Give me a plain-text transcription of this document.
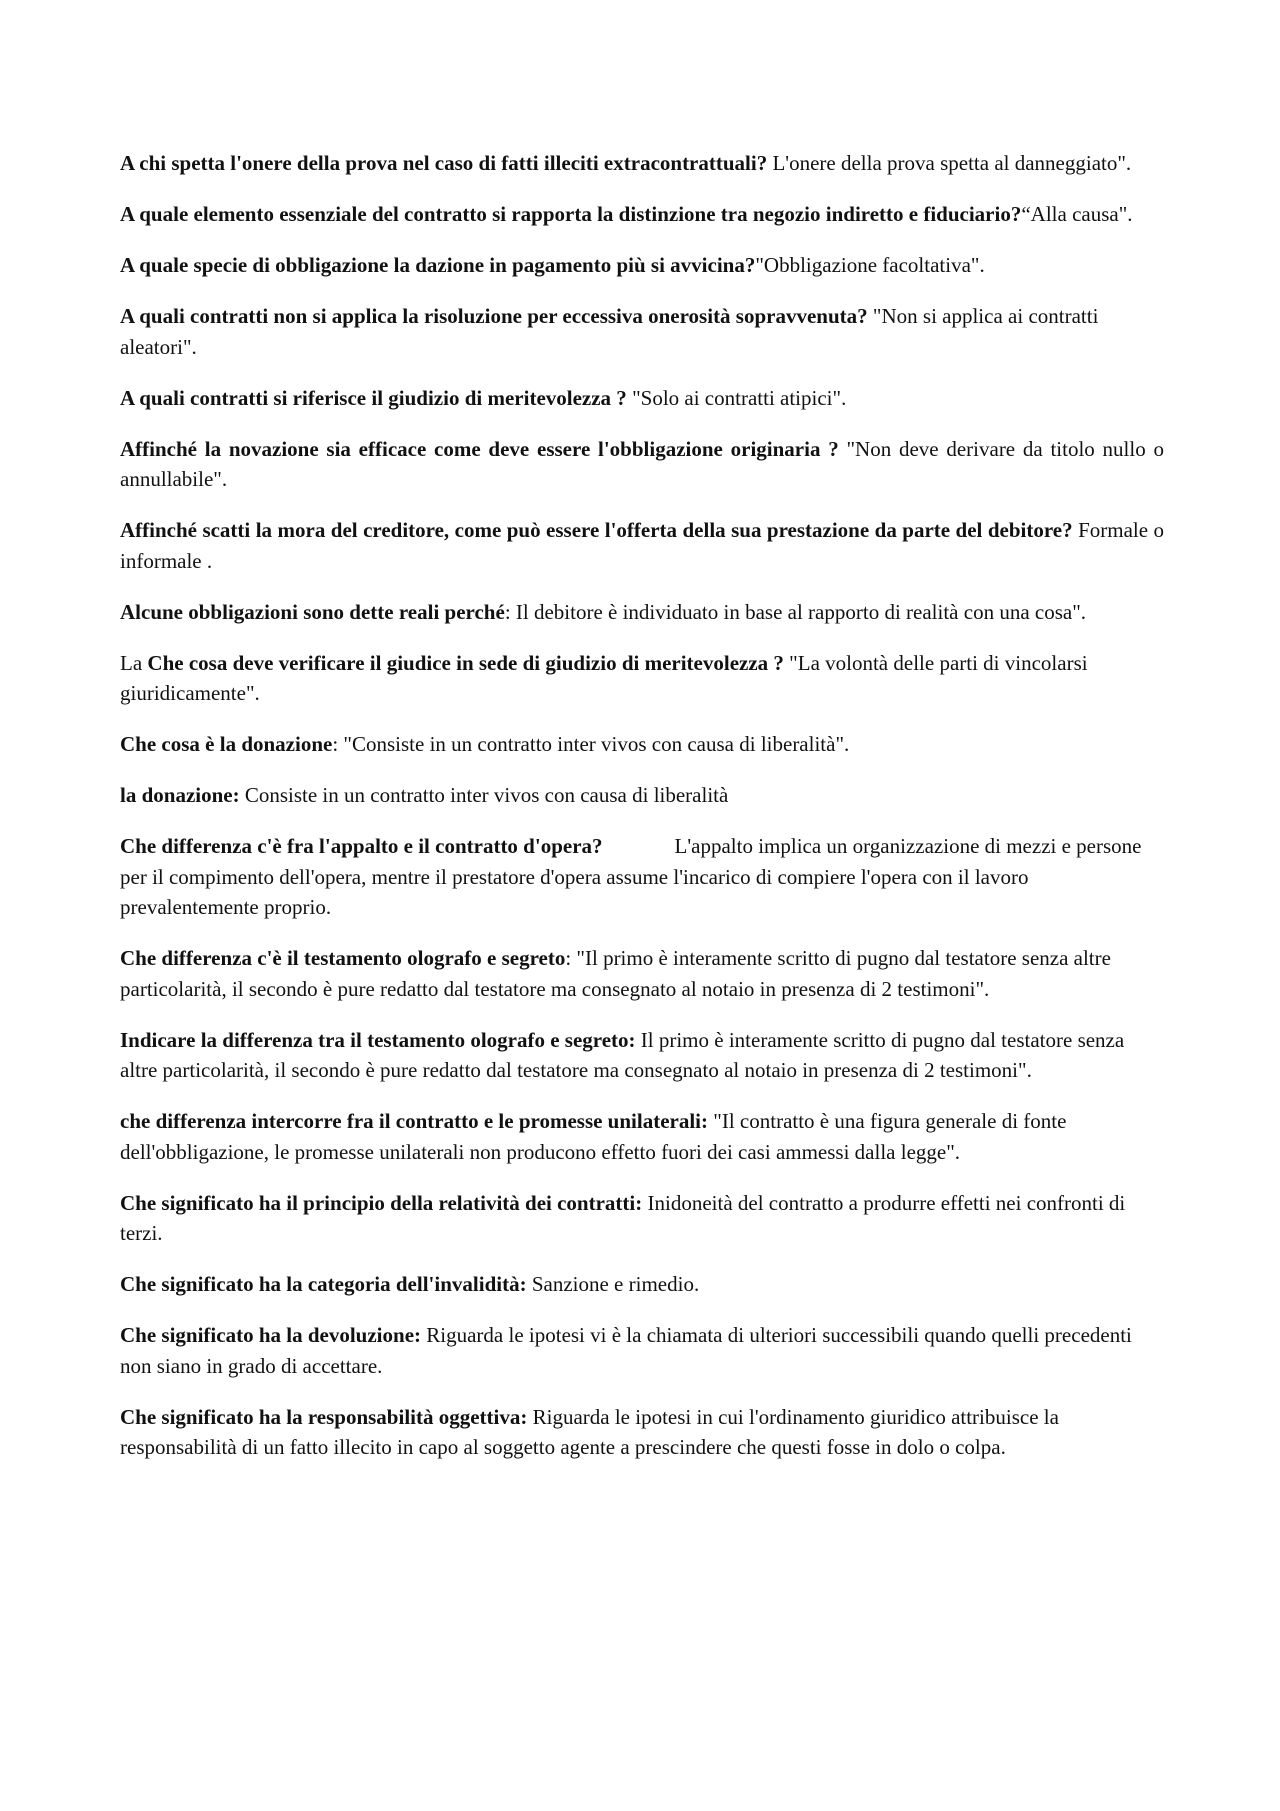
A chi spetta l'onere della prova nel caso di fatti illeciti extracontrattuali? L'onere della prova spetta al danneggiato".

A quale elemento essenziale del contratto si rapporta la distinzione tra negozio indiretto e fiduciario?“Alla causa".

A quale specie di obbligazione la dazione in pagamento più si avvicina?"Obbligazione facoltativa".

A quali contratti non si applica la risoluzione per eccessiva onerosità sopravvenuta? "Non si applica ai contratti aleatori".

A quali contratti si riferisce il giudizio di meritevolezza ? "Solo ai contratti atipici".

Affinché la novazione sia efficace come deve essere l'obbligazione originaria ? "Non deve derivare da titolo nullo o annullabile".

Affinché scatti la mora del creditore, come può essere l'offerta della sua prestazione da parte del debitore? Formale o informale .

Alcune obbligazioni sono dette reali perché: Il debitore è individuato in base al rapporto di realità con una cosa".

La Che cosa deve verificare il giudice in sede di giudizio di meritevolezza ? "La volontà delle parti di vincolarsi giuridicamente".

Che cosa è la donazione: "Consiste in un contratto inter vivos con causa di liberalità".

la donazione: Consiste in un contratto inter vivos con causa di liberalità

Che differenza c'è fra l'appalto e il contratto d'opera?	L'appalto implica un organizzazione di mezzi e persone per il compimento dell'opera, mentre il prestatore d'opera assume l'incarico di compiere l'opera con il lavoro prevalentemente proprio.

Che differenza c'è il testamento olografo e segreto: "Il primo è interamente scritto di pugno dal testatore senza altre particolarità, il secondo è pure redatto dal testatore ma consegnato al notaio in presenza di 2 testimoni".

Indicare la differenza tra il testamento olografo e segreto: Il primo è interamente scritto di pugno dal testatore senza altre particolarità, il secondo è pure redatto dal testatore ma consegnato al notaio in presenza di 2 testimoni".

che differenza intercorre fra il contratto e le promesse unilaterali: "Il contratto è una figura generale di fonte dell'obbligazione, le promesse unilaterali non producono effetto fuori dei casi ammessi dalla legge".

Che significato ha il principio della relatività dei contratti: Inidoneità del contratto a produrre effetti nei confronti di terzi.

Che significato ha la categoria dell'invalidità: Sanzione e rimedio.

Che significato ha la devoluzione: Riguarda le ipotesi vi è la chiamata di ulteriori successibili quando quelli precedenti non siano in grado di accettare.

Che significato ha la responsabilità oggettiva: Riguarda le ipotesi in cui l'ordinamento giuridico attribuisce la responsabilità di un fatto illecito in capo al soggetto agente a prescindere che questi fosse in dolo o colpa.
